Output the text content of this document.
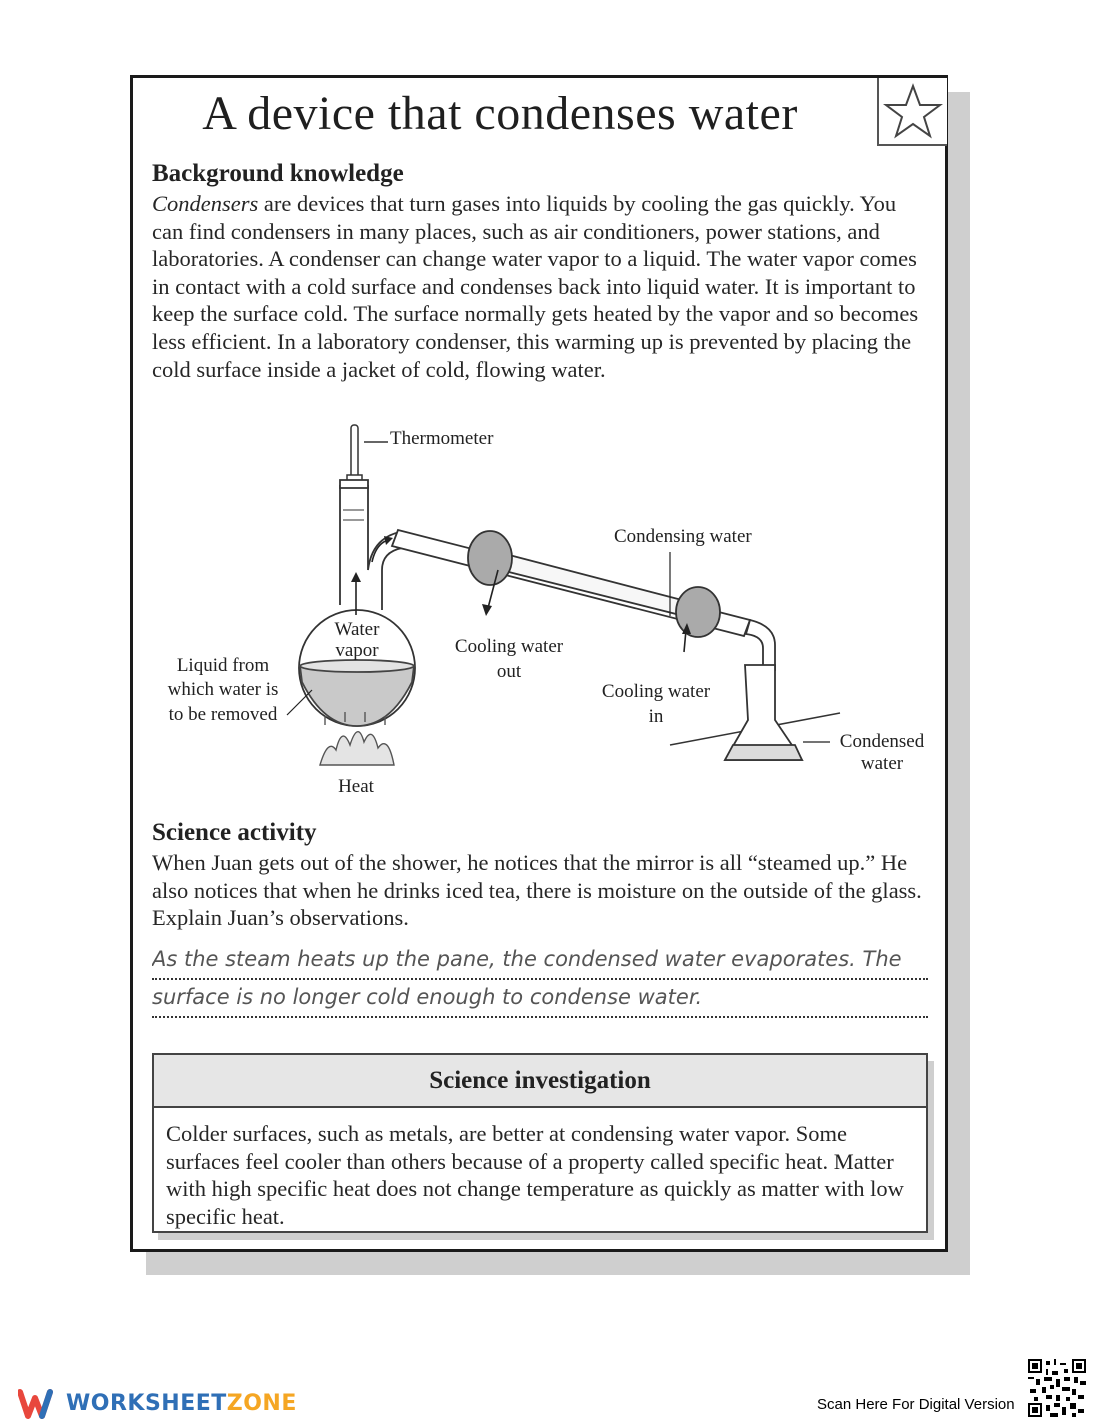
A device that condenses water
Background knowledge
Condensers are devices that turn gases into liquids by cooling the gas quickly. You can find condensers in many places, such as air conditioners, power stations, and laboratories. A condenser can change water vapor to a liquid. The water vapor comes in contact with a cold surface and condenses back into liquid water. It is important to keep the surface cold. The surface normally gets heated by the vapor and so becomes less efficient. In a laboratory condenser, this warming up is prevented by placing the cold surface inside a jacket of cold, flowing water.
Thermometer
Condensing water
Water
vapor	Cooling water
out
Cooling water
in
Liquid from
which water is
to be removed
Condensed
water
Heat
Science activity
When Juan gets out of the shower, he notices that the mirror is all “steamed up.” He also notices that when he drinks iced tea, there is moisture on the outside of the glass. Explain Juan’s observations.
As the steam heats up the pane, the condensed water evaporates. The
surface is no longer cold enough to condense water.
Science investigation
Colder surfaces, such as metals, are better at condensing water vapor. Some surfaces feel cooler than others because of a property called specific heat. Matter with high specific heat does not change temperature as quickly as matter with low specific heat.
WORKSHEETZONE	Scan Here For Digital Version
